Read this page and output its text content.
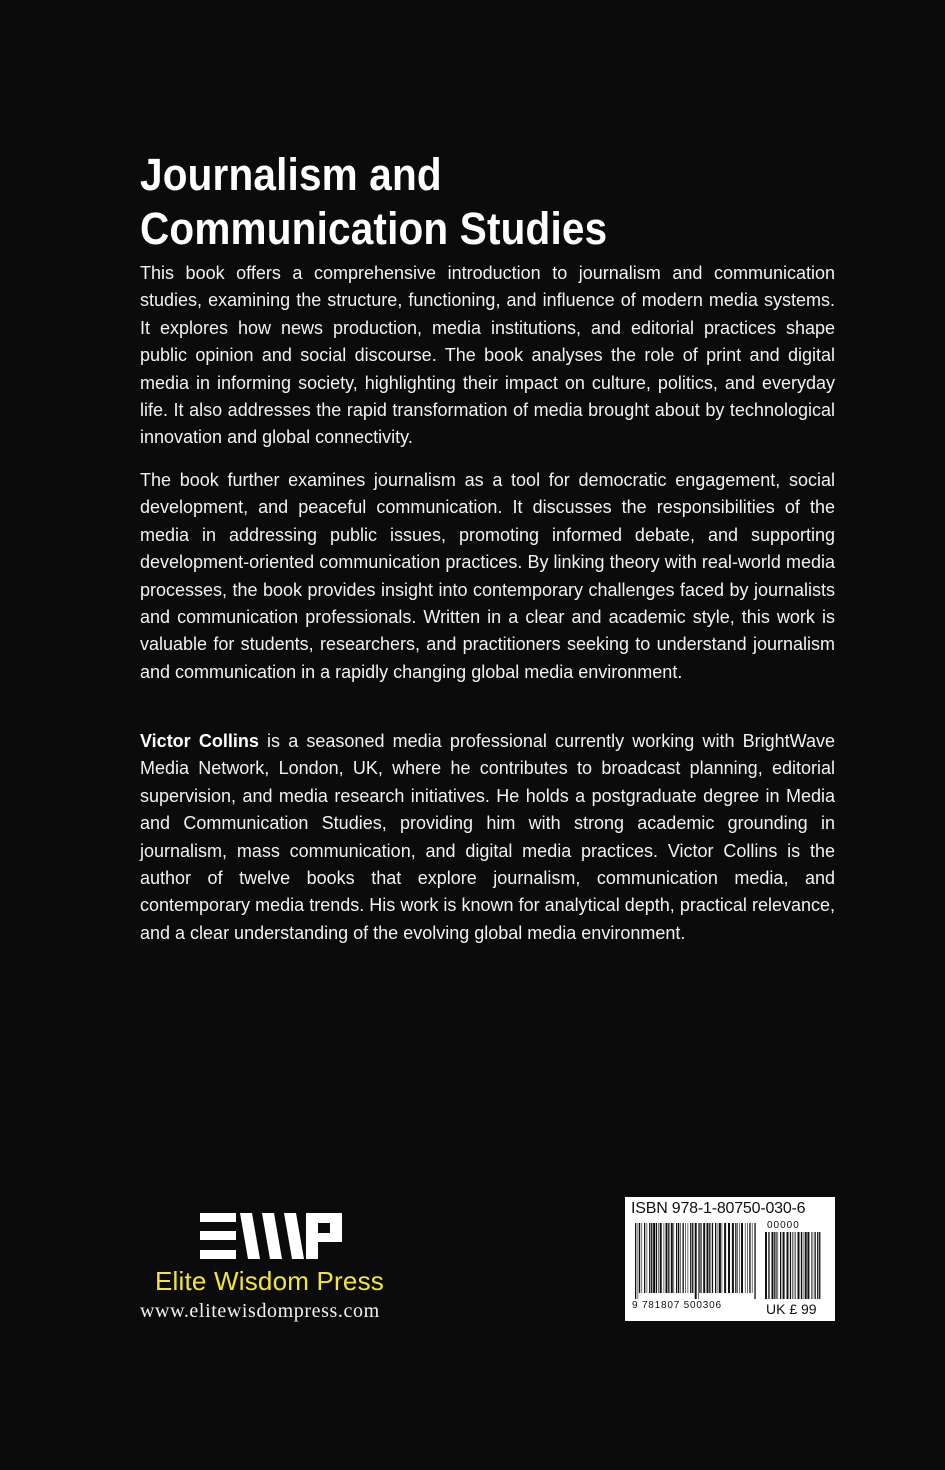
Journalism and
Communication Studies

This book offers a comprehensive introduction to journalism and communication studies, examining the structure, functioning, and influence of modern media systems. It explores how news production, media institutions, and editorial practices shape public opinion and social discourse. The book analyses the role of print and digital media in informing society, highlighting their impact on culture, politics, and everyday life. It also addresses the rapid transformation of media brought about by technological innovation and global connectivity.

The book further examines journalism as a tool for democratic engagement, social development, and peaceful communication. It discusses the responsibilities of the media in addressing public issues, promoting informed debate, and supporting development-oriented communication practices. By linking theory with real-world media processes, the book provides insight into contemporary challenges faced by journalists and communication professionals. Written in a clear and academic style, this work is valuable for students, researchers, and practitioners seeking to understand journalism and communication in a rapidly changing global media environment.

Victor Collins is a seasoned media professional currently working with BrightWave Media Network, London, UK, where he contributes to broadcast planning, editorial supervision, and media research initiatives. He holds a postgraduate degree in Media and Communication Studies, providing him with strong academic grounding in journalism, mass communication, and digital media practices. Victor Collins is the author of twelve books that explore journalism, communication media, and contemporary media trends. His work is known for analytical depth, practical relevance, and a clear understanding of the evolving global media environment.

Elite Wisdom Press
www.elitewisdompress.com
ISBN 978-1-80750-030-6
00000
9 781807 500306	UK £ 99
